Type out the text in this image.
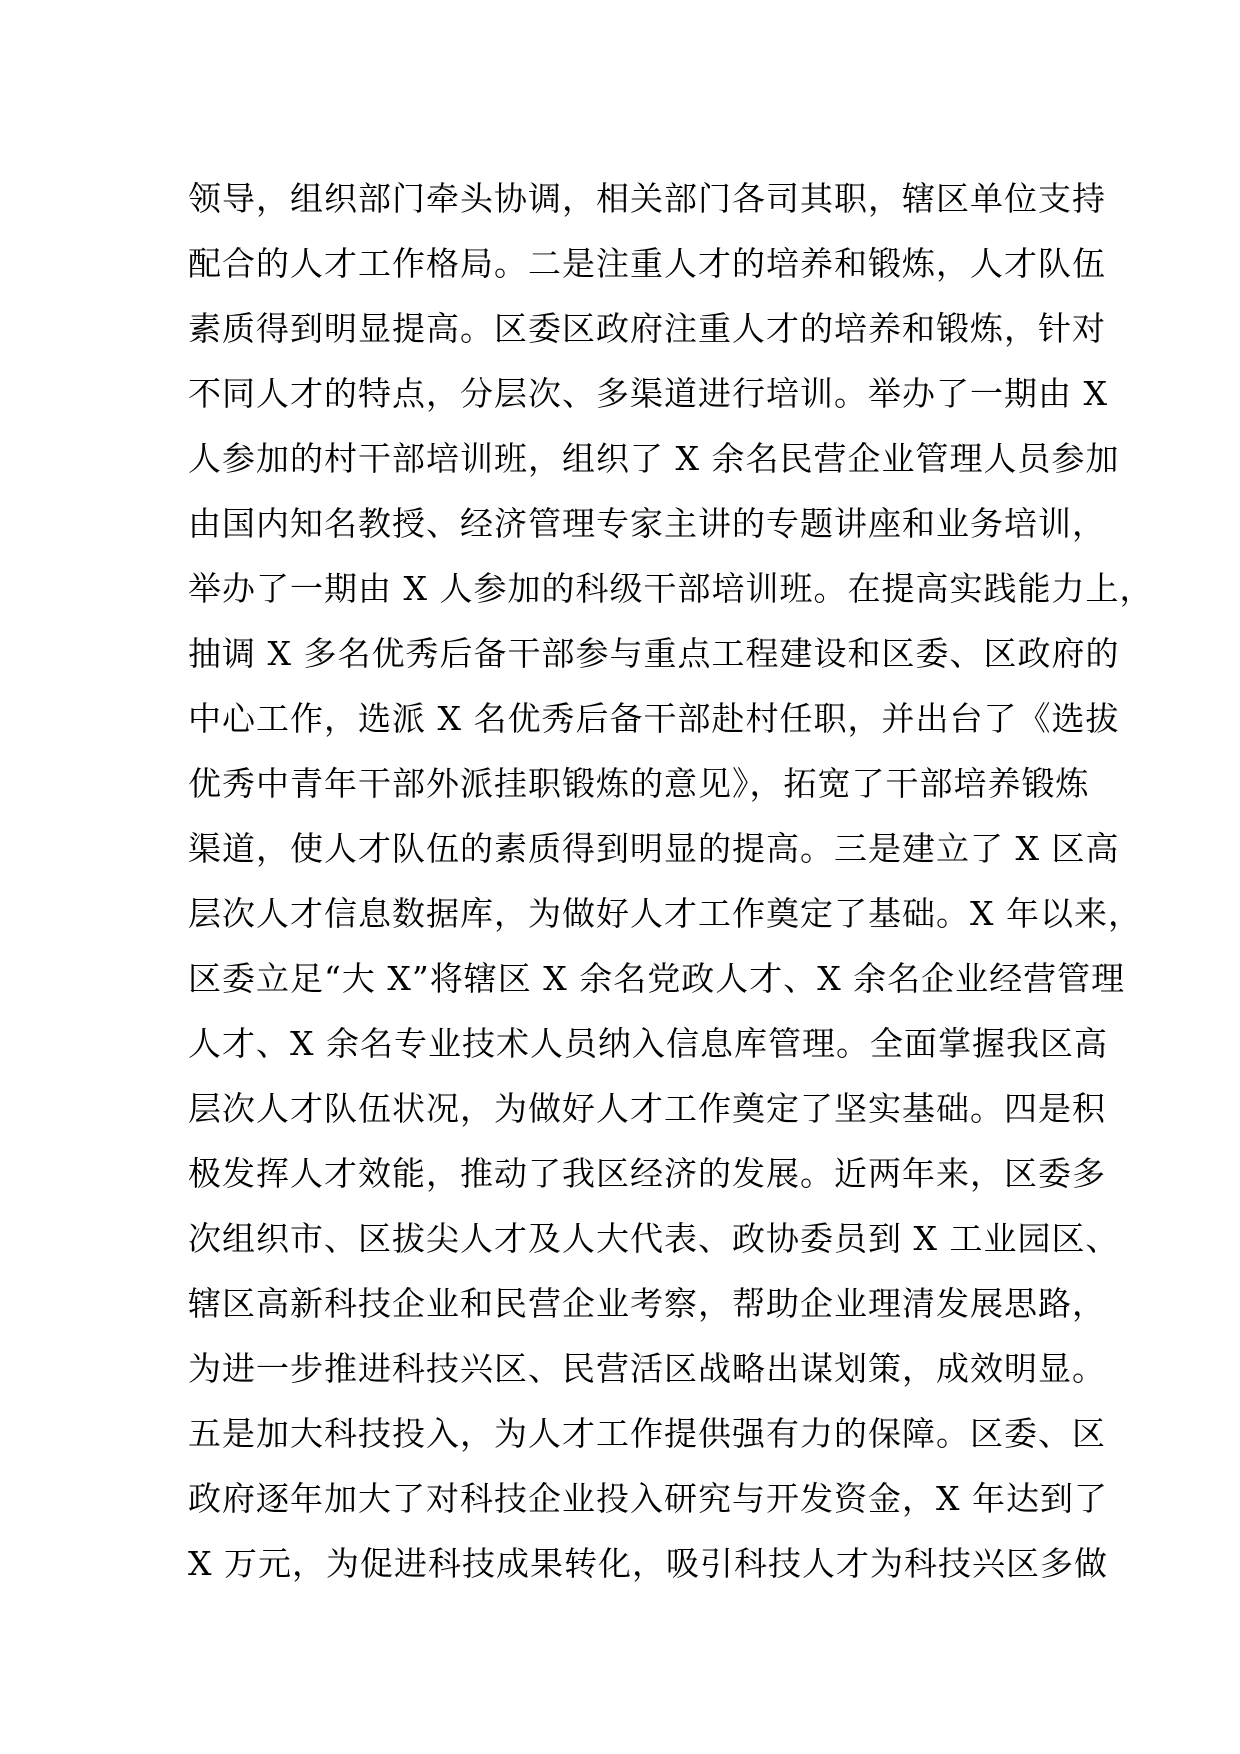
领导，组织部门牵头协调，相关部门各司其职，辖区单位支持
配合的人才工作格局。二是注重人才的培养和锻炼，人才队伍
素质得到明显提高。区委区政府注重人才的培养和锻炼，针对
不同人才的特点，分层次、多渠道进行培训。举办了一期由 X
人参加的村干部培训班，组织了 X 余名民营企业管理人员参加
由国内知名教授、经济管理专家主讲的专题讲座和业务培训，
举办了一期由 X 人参加的科级干部培训班。在提高实践能力上，
抽调 X 多名优秀后备干部参与重点工程建设和区委、区政府的
中心工作，选派 X 名优秀后备干部赴村任职，并出台了《选拔
优秀中青年干部外派挂职锻炼的意见》，拓宽了干部培养锻炼
渠道，使人才队伍的素质得到明显的提高。三是建立了 X 区高
层次人才信息数据库，为做好人才工作奠定了基础。X 年以来，
区委立足“大 X”将辖区 X 余名党政人才、X 余名企业经营管理
人才、X 余名专业技术人员纳入信息库管理。全面掌握我区高
层次人才队伍状况，为做好人才工作奠定了坚实基础。四是积
极发挥人才效能，推动了我区经济的发展。近两年来，区委多
次组织市、区拔尖人才及人大代表、政协委员到 X 工业园区、
辖区高新科技企业和民营企业考察，帮助企业理清发展思路，
为进一步推进科技兴区、民营活区战略出谋划策，成效明显。
五是加大科技投入，为人才工作提供强有力的保障。区委、区
政府逐年加大了对科技企业投入研究与开发资金，X 年达到了
X 万元，为促进科技成果转化，吸引科技人才为科技兴区多做
